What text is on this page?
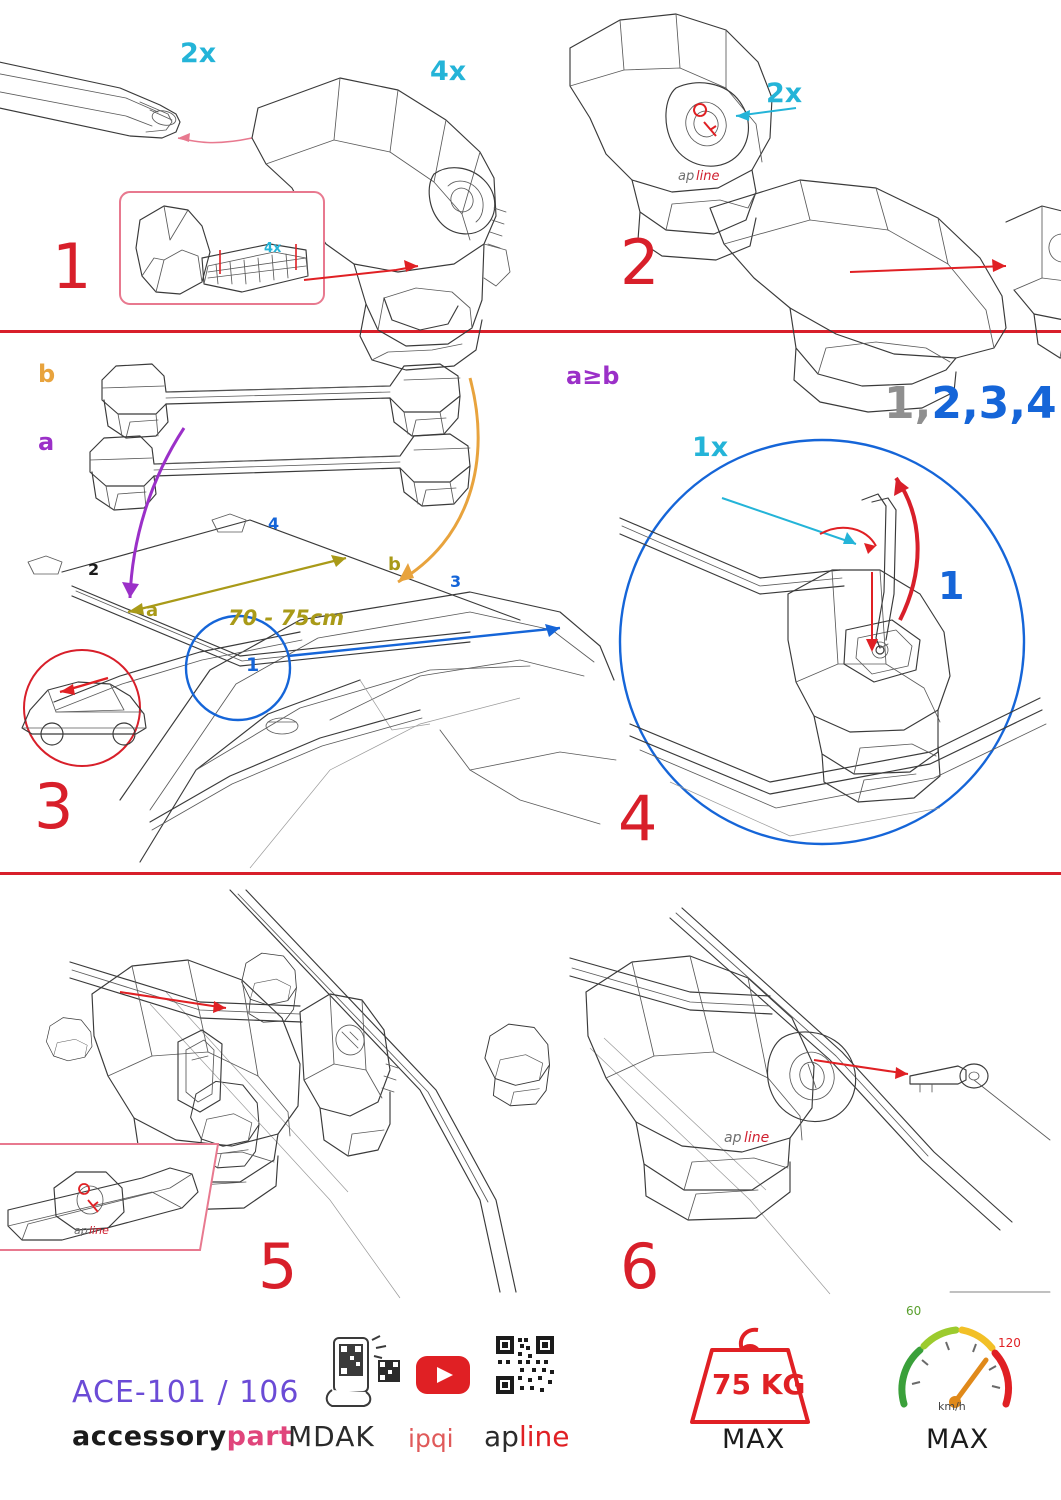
4x
2x
4x
1
ap line
2x
2
b
a
a≥b
70 - 75cm
a
b
1
2
3
4
3
1x
1,2,3,4
1
4
ap line 5
ap line
6
ACE-101 / 106
accessorypart
MDAK ipqi apline
75 KG
MAX
60
120
km/h
MAX
